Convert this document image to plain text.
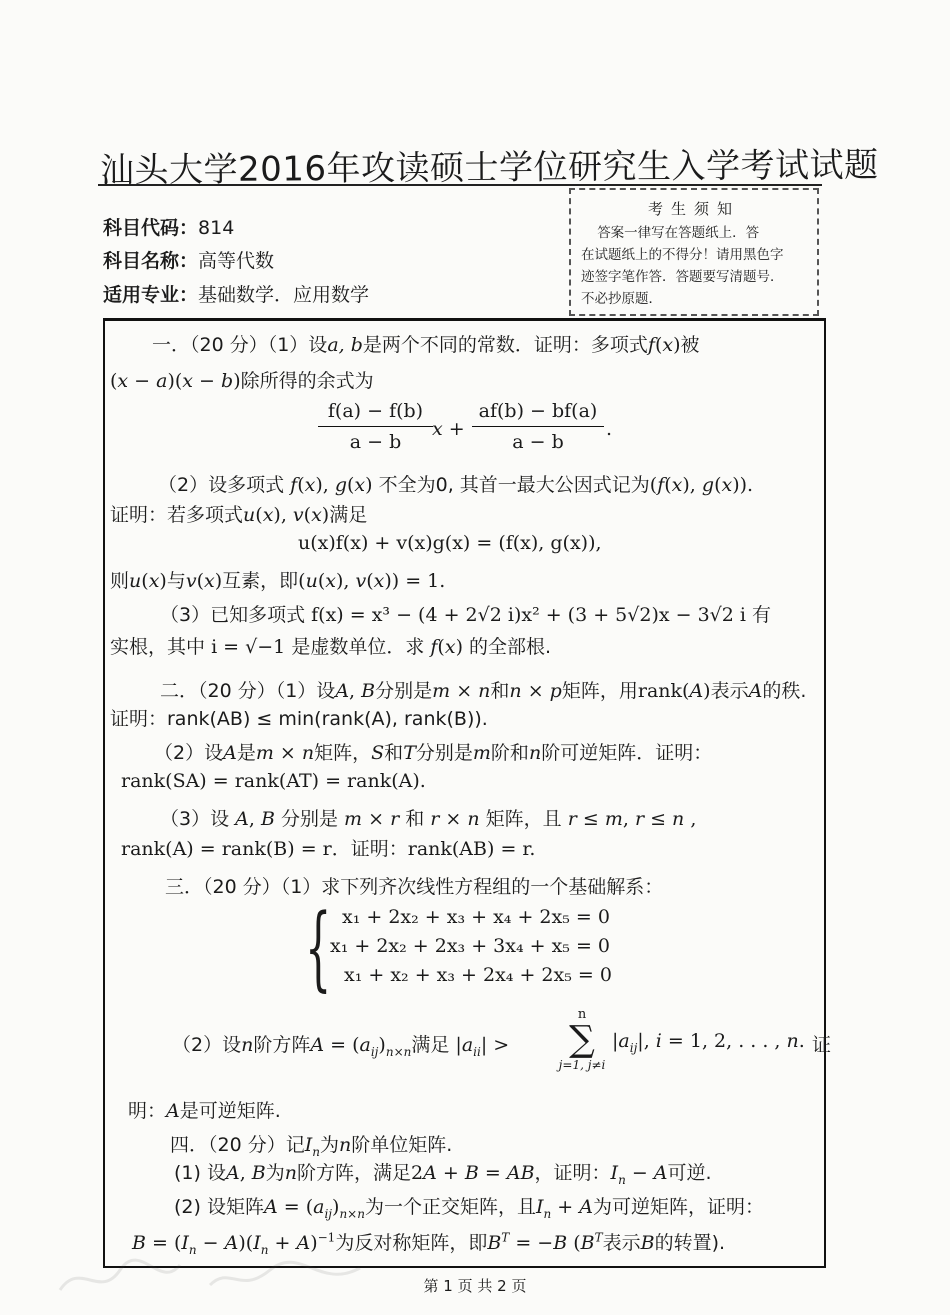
汕头大学2016年攻读硕士学位研究生入学考试试题
科目代码：814
科目名称：高等代数
适用专业：基础数学．应用数学
考生须知
答案一律写在答题纸上．答
在试题纸上的不得分！请用黑色字
迹签字笔作答．答题要写清题号．
不必抄原题．
一．（20 分）（1）设a, b是两个不同的常数．证明：多项式f(x)被
(x − a)(x − b)除所得的余式为
f(a) − f(b)
a − b
x +
af(b) − bf(a)
a − b
.
（2）设多项式 f(x), g(x) 不全为0, 其首一最大公因式记为(f(x), g(x)).
证明：若多项式u(x), v(x)满足
u(x)f(x) + v(x)g(x) = (f(x), g(x)),
则u(x)与v(x)互素，即(u(x), v(x)) = 1.
（3）已知多项式 f(x) = x³ − (4 + 2√2 i)x² + (3 + 5√2)x − 3√2 i 有
实根，其中 i = √−1 是虚数单位．求 f(x) 的全部根.
二．（20 分）（1）设A, B分别是m × n和n × p矩阵，用rank(A)表示A的秩.
证明：rank(AB) ≤ min(rank(A), rank(B)).
（2）设A是m × n矩阵，S和T分别是m阶和n阶可逆矩阵．证明：
rank(SA) = rank(AT) = rank(A).
（3）设 A, B 分别是 m × r 和 r × n 矩阵，且 r ≤ m, r ≤ n ,
rank(A) = rank(B) = r．证明：rank(AB) = r.
三．（20 分）（1）求下列齐次线性方程组的一个基础解系：
{ x₁ + 2x₂ + x₃ + x₄ + 2x₅ = 0
x₁ + 2x₂ + 2x₃ + 3x₄ + x₅ = 0
x₁ + x₂ + x₃ + 2x₄ + 2x₅ = 0
（2）设n阶方阵$A = (a_{ij})_{n\times n}$满足 $|a_{ii}|$ >
n
∑
j=1, j≠i
$|a_{ij}|$, i = 1, 2, . . . , n. 证
明：A是可逆矩阵.
四．（20 分）记$I_n$为n阶单位矩阵.
(1) 设A, B为n阶方阵，满足2A + B = AB，证明：$I_n - A$可逆.
(2) 设矩阵$A = (a_{ij})_{n\times n}$为一个正交矩阵，且$I_n + A$为可逆矩阵，证明：
$B = (I_n - A)(I_n + A)^{-1}$为反对称矩阵，即$B^T = -B$ ($B^T$表示B的转置).
第 1 页 共 2 页
